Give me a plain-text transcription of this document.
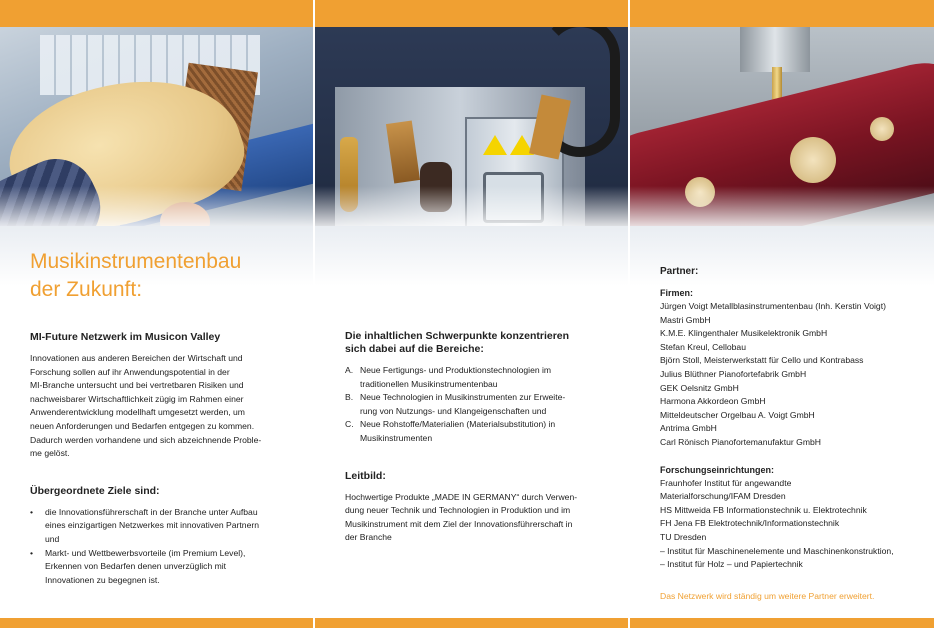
Musikinstrumentenbau
der Zukunft:

MI-Future Netzwerk im Musicon Valley

Innovationen aus anderen Bereichen der Wirtschaft und

Forschung sollen auf ihr Anwendungspotential in der

MI-Branche untersucht und bei vertretbaren Risiken und

nachweisbarer Wirtschaftlichkeit zügig im Rahmen einer

Anwenderentwicklung modellhaft umgesetzt werden, um

neuen Anforderungen und Bedarfen entgegen zu kommen.

Dadurch werden vorhandene und sich abzeichnende Proble-

me gelöst.

Übergeordnete Ziele sind:

• die Innovationsführerschaft in der Branche unter Aufbau
eines einzigartigen Netzwerkes mit innovativen Partnern
und
• Markt- und Wettbewerbsvorteile (im Premium Level),
Erkennen von Bedarfen denen unverzüglich mit
Innovationen zu begegnen ist.

Die inhaltlichen Schwerpunkte konzentrieren
sich dabei auf die Bereiche:

A. Neue Fertigungs- und Produktionstechnologien im
traditionellen Musikinstrumentenbau
B. Neue Technologien in Musikinstrumenten zur Erweite-
rung von Nutzungs- und Klangeigenschaften und
C. Neue Rohstoffe/Materialien (Materialsubstitution) in
Musikinstrumenten

Leitbild:

Hochwertige Produkte „MADE IN GERMANY“ durch Verwen-

dung neuer Technik und Technologien in Produktion und im

Musikinstrument mit dem Ziel der Innovationsführerschaft in

der Branche

Partner:

Firmen:

Jürgen Voigt Metallblasinstrumentenbau (Inh. Kerstin Voigt)

Mastri GmbH

K.M.E. Klingenthaler Musikelektronik GmbH

Stefan Kreul, Cellobau

Björn Stoll, Meisterwerkstatt für Cello und Kontrabass

Julius Blüthner Pianofortefabrik GmbH

GEK Oelsnitz GmbH

Harmona Akkordeon GmbH

Mitteldeutscher Orgelbau A. Voigt GmbH

Antrima GmbH

Carl Rönisch Pianofortemanufaktur GmbH

Forschungseinrichtungen:

Fraunhofer Institut für angewandte

Materialforschung/IFAM Dresden

HS Mittweida FB Informationstechnik u. Elektrotechnik

FH Jena FB Elektrotechnik/Informationstechnik

TU Dresden

– Institut für Maschinenelemente und Maschinenkonstruktion,

– Institut für Holz – und Papiertechnik

Das Netzwerk wird ständig um weitere Partner erweitert.
